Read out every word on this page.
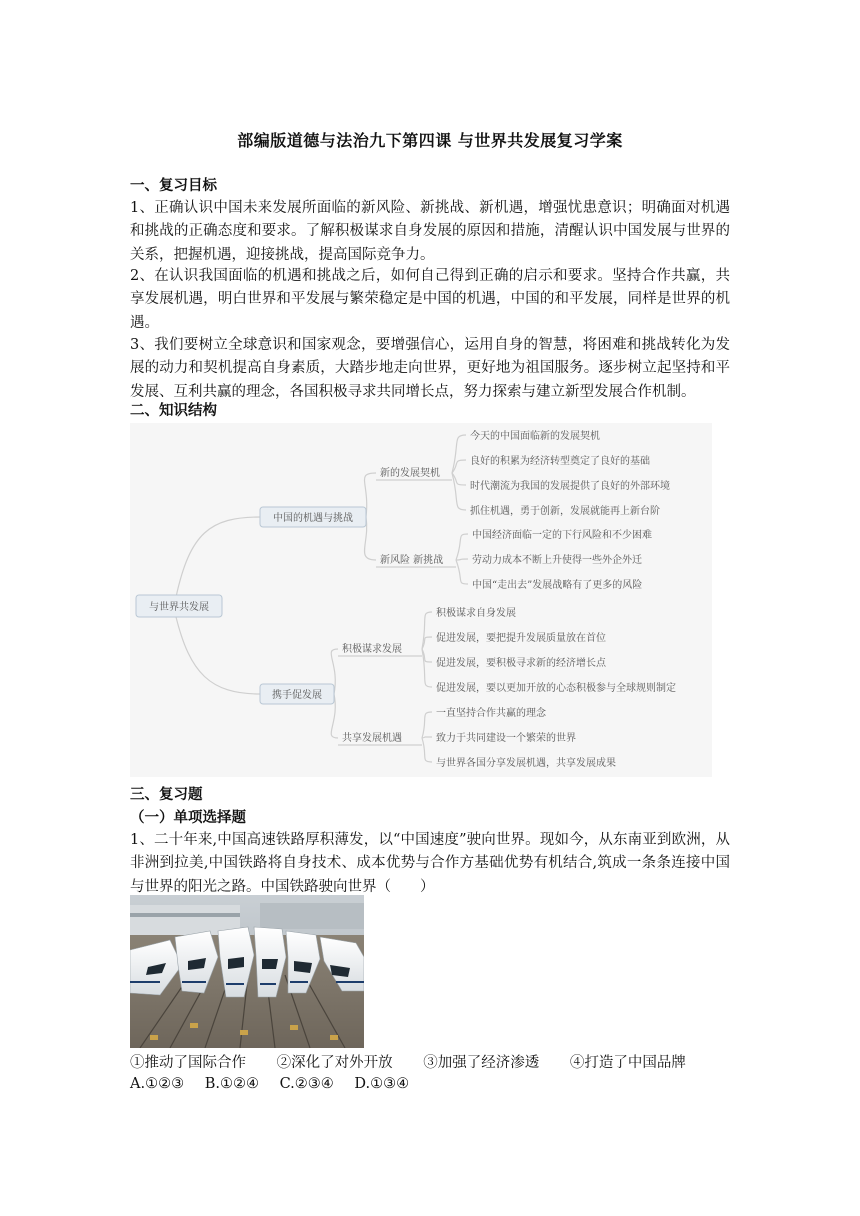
部编版道德与法治九下第四课 与世界共发展复习学案
一、复习目标
1、正确认识中国未来发展所面临的新风险、新挑战、新机遇，增强忧患意识；明确面对机遇和挑战的正确态度和要求。了解积极谋求自身发展的原因和措施，清醒认识中国发展与世界的关系，把握机遇，迎接挑战，提高国际竞争力。
2、在认识我国面临的机遇和挑战之后，如何自己得到正确的启示和要求。坚持合作共赢，共享发展机遇，明白世界和平发展与繁荣稳定是中国的机遇，中国的和平发展，同样是世界的机遇。
3、我们要树立全球意识和国家观念，要增强信心，运用自身的智慧，将困难和挑战转化为发展的动力和契机提高自身素质，大踏步地走向世界，更好地为祖国服务。逐步树立起坚持和平发展、互利共赢的理念，各国积极寻求共同增长点，努力探索与建立新型发展合作机制。
二、知识结构
与世界共发展
中国的机遇与挑战
携手促发展
新的发展契机
新风险 新挑战
积极谋求发展
共享发展机遇
今天的中国面临新的发展契机
良好的积累为经济转型奠定了良好的基础
时代潮流为我国的发展提供了良好的外部环境
抓住机遇，勇于创新，发展就能再上新台阶
中国经济面临一定的下行风险和不少困难
劳动力成本不断上升使得一些外企外迁
中国“走出去”发展战略有了更多的风险
积极谋求自身发展
促进发展，要把提升发展质量放在首位
促进发展，要积极寻求新的经济增长点
促进发展，要以更加开放的心态积极参与全球规则制定
一直坚持合作共赢的理念
致力于共同建设一个繁荣的世界
与世界各国分享发展机遇，共享发展成果
三、复习题
（一）单项选择题
1、二十年来,中国高速铁路厚积薄发，以“中国速度”驶向世界。现如今，从东南亚到欧洲，从非洲到拉美,中国铁路将自身技术、成本优势与合作方基础优势有机结合,筑成一条条连接中国与世界的阳光之路。中国铁路驶向世界（　　）
①推动了国际合作 ②深化了对外开放 ③加强了经济渗透 ④打造了中国品牌
A.①②③ B.①②④ C.②③④ D.①③④
